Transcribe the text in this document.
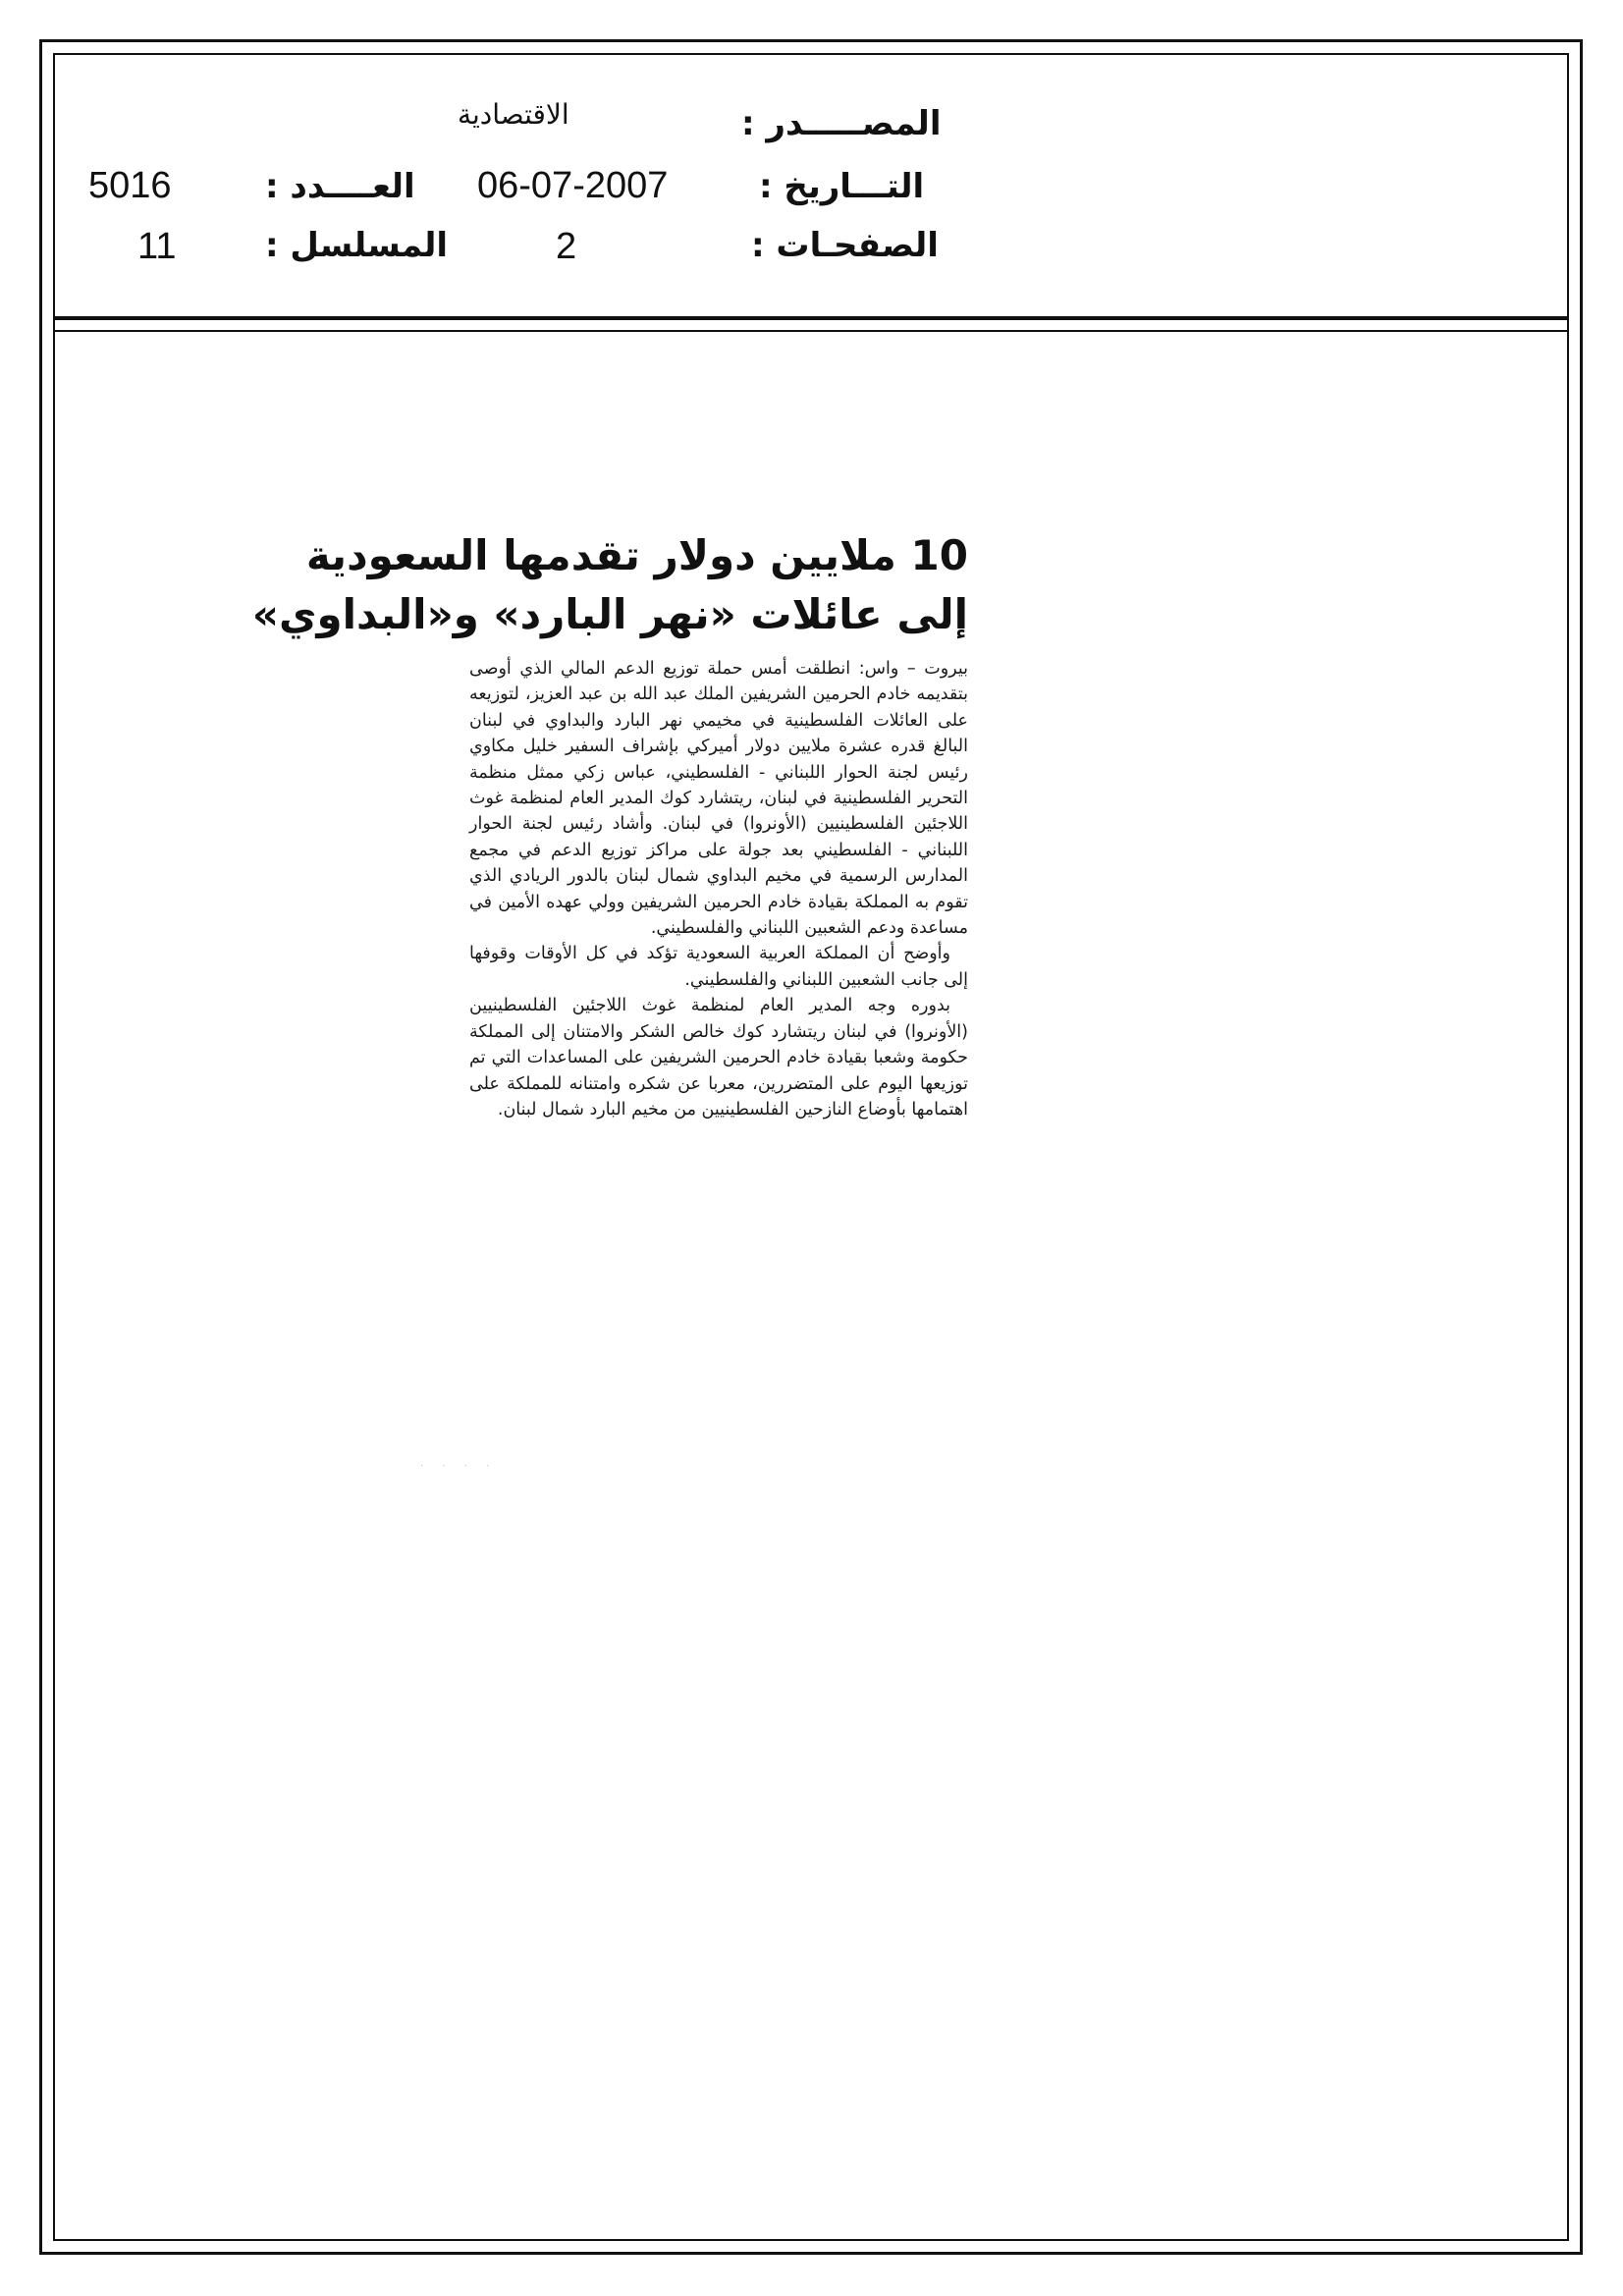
المصـــــدر :
الاقتصادية
التـــاريخ :
06-07-2007
الصفحـات :
2
العــــدد :
5016
المسلسل :
11
10 ملايين دولار تقدمها السعودية
إلى عائلات «نهر البارد» و«البداوي»

بيروت – واس: انطلقت أمس حملة توزيع الدعم المالي الذي أوصى بتقديمه خادم الحرمين الشريفين الملك عبد الله بن عبد العزيز، لتوزيعه على العائلات الفلسطينية في مخيمي نهر البارد والبداوي في لبنان البالغ قدره عشرة ملايين دولار أميركي بإشراف السفير خليل مكاوي رئيس لجنة الحوار اللبناني - الفلسطيني، عباس زكي ممثل منظمة التحرير الفلسطينية في لبنان، ريتشارد كوك المدير العام لمنظمة غوث اللاجئين الفلسطينيين (الأونروا) في لبنان. وأشاد رئيس لجنة الحوار اللبناني - الفلسطيني بعد جولة على مراكز توزيع الدعم في مجمع المدارس الرسمية في مخيم البداوي شمال لبنان بالدور الريادي الذي تقوم به المملكة بقيادة خادم الحرمين الشريفين وولي عهده الأمين في مساعدة ودعم الشعبين اللبناني والفلسطيني.

وأوضح أن المملكة العربية السعودية تؤكد في كل الأوقات وقوفها إلى جانب الشعبين اللبناني والفلسطيني.

بدوره وجه المدير العام لمنظمة غوث اللاجئين الفلسطينيين (الأونروا) في لبنان ريتشارد كوك خالص الشكر والامتنان إلى المملكة حكومة وشعبا بقيادة خادم الحرمين الشريفين على المساعدات التي تم توزيعها اليوم على المتضررين، معربا عن شكره وامتنانه للمملكة على اهتمامها بأوضاع النازحين الفلسطينيين من مخيم البارد شمال لبنان.

· · · ·
